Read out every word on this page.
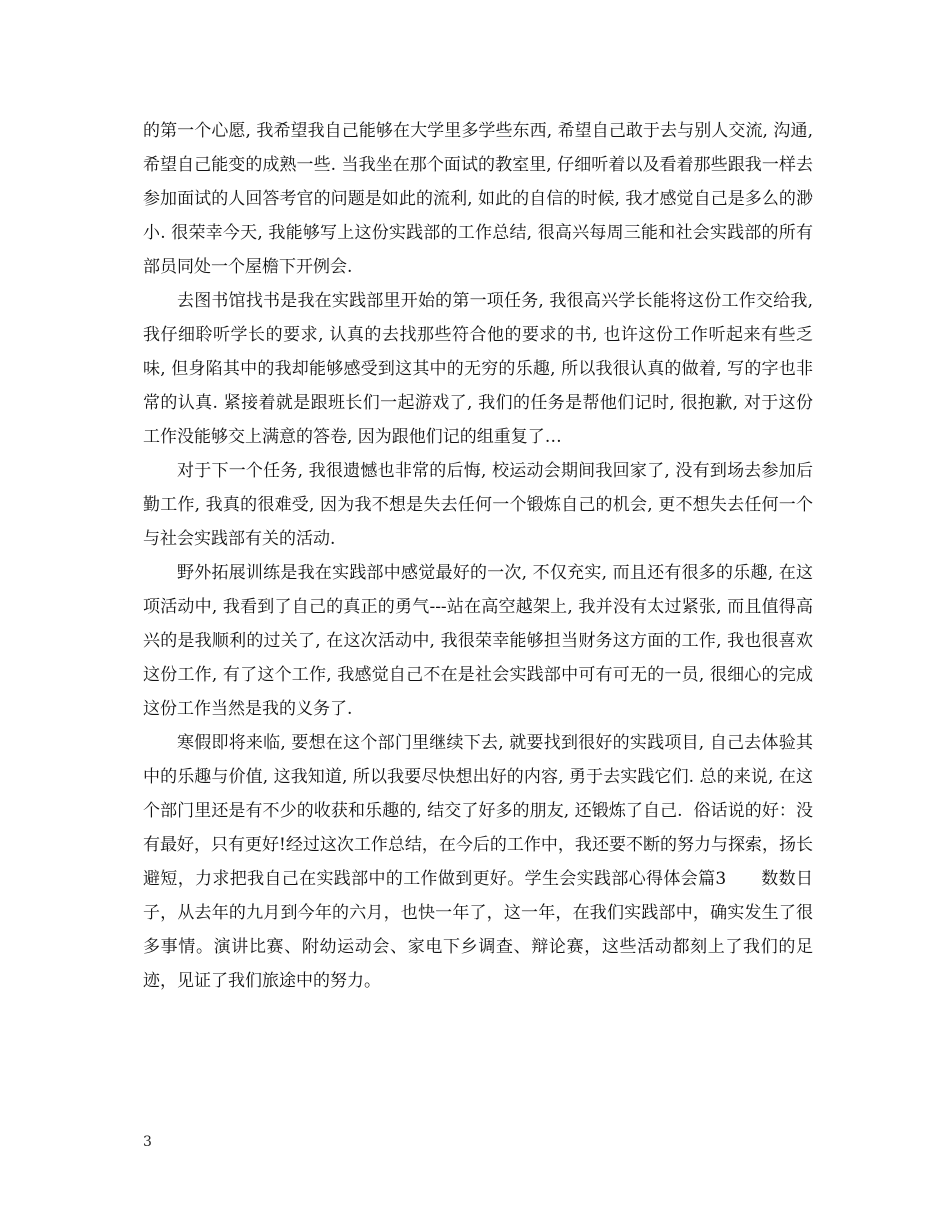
的第一个心愿, 我希望我自己能够在大学里多学些东西, 希望自己敢于去与别人交流, 沟通, 希望自己能变的成熟一些. 当我坐在那个面试的教室里, 仔细听着以及看着那些跟我一样去参加面试的人回答考官的问题是如此的流利, 如此的自信的时候, 我才感觉自己是多么的渺小. 很荣幸今天, 我能够写上这份实践部的工作总结, 很高兴每周三能和社会实践部的所有部员同处一个屋檐下开例会.

去图书馆找书是我在实践部里开始的第一项任务, 我很高兴学长能将这份工作交给我, 我仔细聆听学长的要求, 认真的去找那些符合他的要求的书, 也许这份工作听起来有些乏味, 但身陷其中的我却能够感受到这其中的无穷的乐趣, 所以我很认真的做着, 写的字也非常的认真. 紧接着就是跟班长们一起游戏了, 我们的任务是帮他们记时, 很抱歉, 对于这份工作没能够交上满意的答卷, 因为跟他们记的组重复了…

对于下一个任务, 我很遗憾也非常的后悔, 校运动会期间我回家了, 没有到场去参加后勤工作, 我真的很难受, 因为我不想是失去任何一个锻炼自己的机会, 更不想失去任何一个与社会实践部有关的活动.

野外拓展训练是我在实践部中感觉最好的一次, 不仅充实, 而且还有很多的乐趣, 在这项活动中, 我看到了自己的真正的勇气---站在高空越架上, 我并没有太过紧张, 而且值得高兴的是我顺利的过关了, 在这次活动中, 我很荣幸能够担当财务这方面的工作, 我也很喜欢这份工作, 有了这个工作, 我感觉自己不在是社会实践部中可有可无的一员, 很细心的完成这份工作当然是我的义务了.

寒假即将来临, 要想在这个部门里继续下去, 就要找到很好的实践项目, 自己去体验其中的乐趣与价值, 这我知道, 所以我要尽快想出好的内容, 勇于去实践它们. 总的来说, 在这个部门里还是有不少的收获和乐趣的, 结交了好多的朋友, 还锻炼了自己.  俗话说的好：没有最好，只有更好!经过这次工作总结，在今后的工作中，我还要不断的努力与探索，扬长避短，力求把我自己在实践部中的工作做到更好。学生会实践部心得体会篇3　　数数日子，从去年的九月到今年的六月，也快一年了，这一年，在我们实践部中，确实发生了很多事情。演讲比赛、附幼运动会、家电下乡调查、辩论赛，这些活动都刻上了我们的足迹，见证了我们旅途中的努力。

3
